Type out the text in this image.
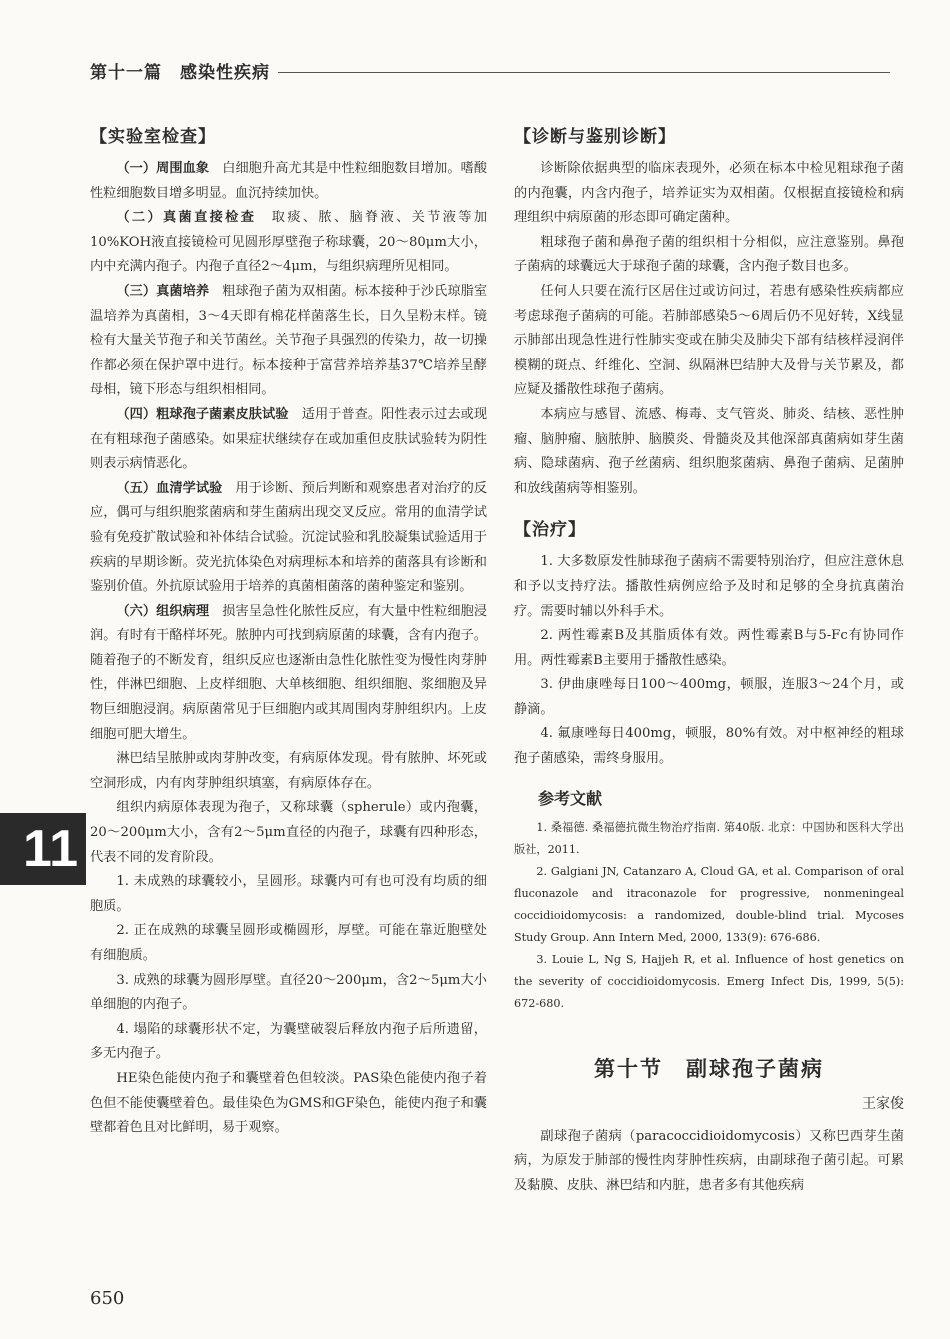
第十一篇　感染性疾病
【实验室检查】

（一）周围血象　白细胞升高尤其是中性粒细胞数目增加。嗜酸性粒细胞数目增多明显。血沉持续加快。

（二）真菌直接检查　取痰、脓、脑脊液、关节液等加10%KOH液直接镜检可见圆形厚壁孢子称球囊，20～80μm大小，内中充满内孢子。内孢子直径2～4μm，与组织病理所见相同。

（三）真菌培养　粗球孢子菌为双相菌。标本接种于沙氏琼脂室温培养为真菌相，3～4天即有棉花样菌落生长，日久呈粉末样。镜检有大量关节孢子和关节菌丝。关节孢子具强烈的传染力，故一切操作都必须在保护罩中进行。标本接种于富营养培养基37℃培养呈酵母相，镜下形态与组织相相同。

（四）粗球孢子菌素皮肤试验　适用于普查。阳性表示过去或现在有粗球孢子菌感染。如果症状继续存在或加重但皮肤试验转为阴性则表示病情恶化。

（五）血清学试验　用于诊断、预后判断和观察患者对治疗的反应，偶可与组织胞浆菌病和芽生菌病出现交叉反应。常用的血清学试验有免疫扩散试验和补体结合试验。沉淀试验和乳胶凝集试验适用于疾病的早期诊断。荧光抗体染色对病理标本和培养的菌落具有诊断和鉴别价值。外抗原试验用于培养的真菌相菌落的菌种鉴定和鉴别。

（六）组织病理　损害呈急性化脓性反应，有大量中性粒细胞浸润。有时有干酪样坏死。脓肿内可找到病原菌的球囊，含有内孢子。随着孢子的不断发育，组织反应也逐渐由急性化脓性变为慢性肉芽肿性，伴淋巴细胞、上皮样细胞、大单核细胞、组织细胞、浆细胞及异物巨细胞浸润。病原菌常见于巨细胞内或其周围肉芽肿组织内。上皮细胞可肥大增生。

淋巴结呈脓肿或肉芽肿改变，有病原体发现。骨有脓肿、坏死或空洞形成，内有肉芽肿组织填塞，有病原体存在。

组织内病原体表现为孢子，又称球囊（spherule）或内孢囊，20～200μm大小，含有2～5μm直径的内孢子，球囊有四种形态，代表不同的发育阶段。

1. 未成熟的球囊较小，呈圆形。球囊内可有也可没有均质的细胞质。

2. 正在成熟的球囊呈圆形或椭圆形，厚壁。可能在靠近胞壁处有细胞质。

3. 成熟的球囊为圆形厚壁。直径20～200μm，含2～5μm大小单细胞的内孢子。

4. 塌陷的球囊形状不定，为囊壁破裂后释放内孢子后所遗留，多无内孢子。

HE染色能使内孢子和囊壁着色但较淡。PAS染色能使内孢子着色但不能使囊壁着色。最佳染色为GMS和GF染色，能使内孢子和囊壁都着色且对比鲜明，易于观察。

【诊断与鉴别诊断】

诊断除依据典型的临床表现外，必须在标本中检见粗球孢子菌的内孢囊，内含内孢子，培养证实为双相菌。仅根据直接镜检和病理组织中病原菌的形态即可确定菌种。

粗球孢子菌和鼻孢子菌的组织相十分相似，应注意鉴别。鼻孢子菌病的球囊远大于球孢子菌的球囊，含内孢子数目也多。

任何人只要在流行区居住过或访问过，若患有感染性疾病都应考虑球孢子菌病的可能。若肺部感染5～6周后仍不见好转，X线显示肺部出现急性进行性肺实变或在肺尖及肺尖下部有结核样浸润伴模糊的斑点、纤维化、空洞、纵隔淋巴结肿大及骨与关节累及，都应疑及播散性球孢子菌病。

本病应与感冒、流感、梅毒、支气管炎、肺炎、结核、恶性肿瘤、脑肿瘤、脑脓肿、脑膜炎、骨髓炎及其他深部真菌病如芽生菌病、隐球菌病、孢子丝菌病、组织胞浆菌病、鼻孢子菌病、足菌肿和放线菌病等相鉴别。

【治疗】

1. 大多数原发性肺球孢子菌病不需要特别治疗，但应注意休息和予以支持疗法。播散性病例应给予及时和足够的全身抗真菌治疗。需要时辅以外科手术。

2. 两性霉素B及其脂质体有效。两性霉素B与5-Fc有协同作用。两性霉素B主要用于播散性感染。

3. 伊曲康唑每日100～400mg，顿服，连服3～24个月，或静滴。

4. 氟康唑每日400mg，顿服，80%有效。对中枢神经的粗球孢子菌感染，需终身服用。

参考文献

1. 桑福德. 桑福德抗微生物治疗指南. 第40版. 北京：中国协和医科大学出版社，2011.

2. Galgiani JN, Catanzaro A, Cloud GA, et al. Comparison of oral fluconazole and itraconazole for progressive, nonmeningeal coccidioidomycosis: a randomized, double-blind trial. Mycoses Study Group. Ann Intern Med, 2000, 133(9): 676-686.

3. Louie L, Ng S, Hajjeh R, et al. Influence of host genetics on the severity of coccidioidomycosis. Emerg Infect Dis, 1999, 5(5): 672-680.

第十节　副球孢子菌病
王家俊

副球孢子菌病（paracoccidioidomycosis）又称巴西芽生菌病，为原发于肺部的慢性肉芽肿性疾病，由副球孢子菌引起。可累及黏膜、皮肤、淋巴结和内脏，患者多有其他疾病

11
650
